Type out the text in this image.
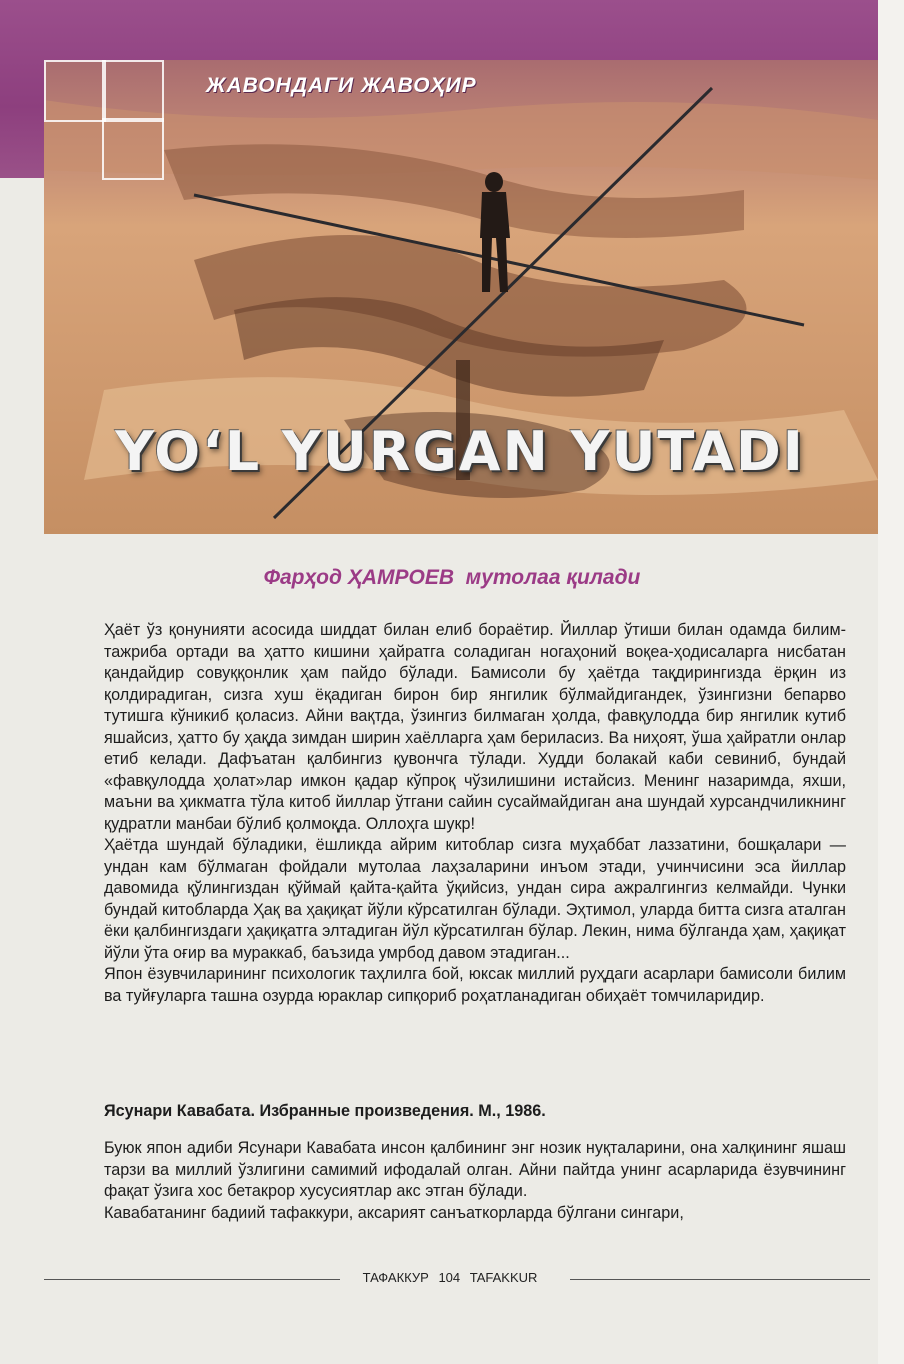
ЖАВОНДАГИ ЖАВОҲИР
YO‘L YURGAN YUTADI
Фарҳод ҲАМРОЕВ мутолаа қилади

Ҳаёт ўз қонунияти асосида шиддат билан елиб бораётир. Йиллар ўтиши билан одамда билим-тажриба ортади ва ҳатто кишини ҳайратга соладиган ногаҳоний воқеа-ҳодисаларга нисбатан қандайдир совуққонлик ҳам пайдо бўлади. Бамисоли бу ҳаётда тақдирингизда ёрқин из қолдирадиган, сизга хуш ёқадиган бирон бир янгилик бўлмайдигандек, ўзингизни бепарво тутишга кўникиб қоласиз. Айни вақтда, ўзингиз билмаган ҳолда, фавқулодда бир янгилик кутиб яшайсиз, ҳатто бу ҳақда зимдан ширин хаёлларга ҳам бериласиз. Ва ниҳоят, ўша ҳайратли онлар етиб келади. Дафъатан қалбингиз қувончга тўлади. Худди болакай каби севиниб, бундай «фавқулодда ҳолат»лар имкон қадар кўпроқ чўзилишини истайсиз. Менинг назаримда, яхши, маъни ва ҳикматга тўла китоб йиллар ўтгани сайин сусаймайдиган ана шундай хурсандчиликнинг қудратли манбаи бўлиб қолмоқда. Оллоҳга шукр!

Ҳаётда шундай бўладики, ёшликда айрим китоблар сизга муҳаббат лаззатини, бошқалари — ундан кам бўлмаган фойдали мутолаа лаҳзаларини инъом этади, учинчисини эса йиллар давомида қўлингиздан қўймай қайта-қайта ўқийсиз, ундан сира ажралгингиз келмайди. Чунки бундай китобларда Ҳақ ва ҳақиқат йўли кўрсатилган бўлади. Эҳтимол, уларда битта сизга аталган ёки қалбингиздаги ҳақиқатга элтадиган йўл кўрсатилган бўлар. Лекин, нима бўлганда ҳам, ҳақиқат йўли ўта оғир ва мураккаб, баъзида умрбод давом этадиган...

Япон ёзувчиларининг психологик таҳлилга бой, юксак миллий руҳдаги асарлари бамисоли билим ва туйғуларга ташна озурда юраклар сипқориб роҳатланадиган обиҳаёт томчиларидир.

Ясунари Кавабата. Избранные произведения. М., 1986.

Буюк япон адиби Ясунари Кавабата инсон қалбининг энг нозик нуқталарини, она халқининг яшаш тарзи ва миллий ўзлигини самимий ифодалай олган. Айни пайтда унинг асарларида ёзувчининг фақат ўзига хос бетакрор хусусиятлар акс этган бўлади.

Кавабатанинг бадиий тафаккури, аксарият санъаткорларда бўлгани сингари,

ТАФАККУР 104 TAFAKKUR
